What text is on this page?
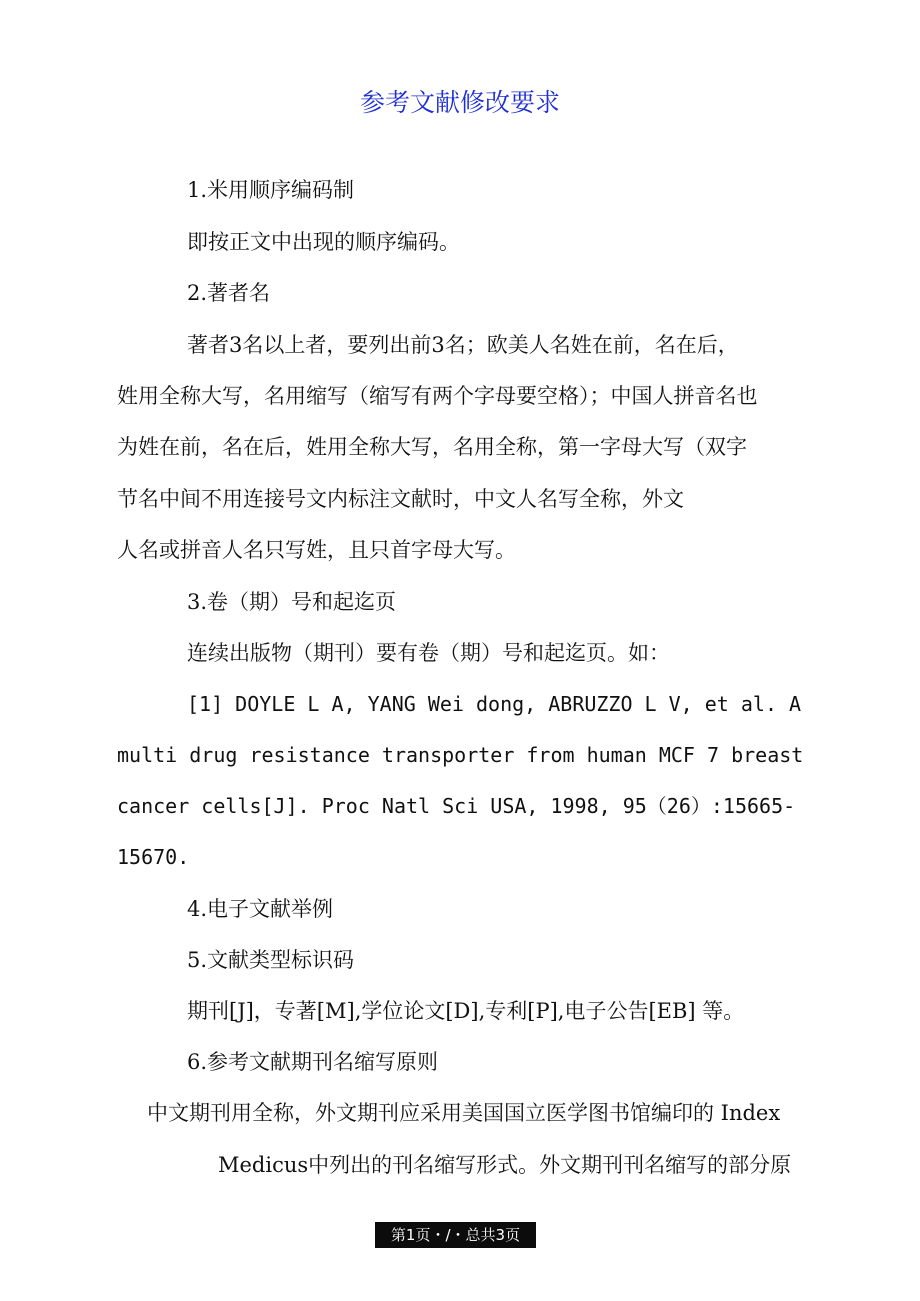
参考文献修改要求
1.米用顺序编码制
即按正文中出现的顺序编码。
2.著者名
著者3名以上者，要列出前3名；欧美人名姓在前，名在后，
姓用全称大写，名用缩写（缩写有两个字母要空格）；中国人拼音名也
为姓在前，名在后，姓用全称大写，名用全称，第一字母大写（双字
节名中间不用连接号文内标注文献时，中文人名写全称，外文
人名或拼音人名只写姓，且只首字母大写。
3.卷（期）号和起迄页
连续出版物（期刊）要有卷（期）号和起迄页。如：
[1] DOYLE L A, YANG Wei dong, ABRUZZO L V, et al. A
multi drug resistance transporter from human MCF 7 breast
cancer cells[J]. Proc Natl Sci USA, 1998, 95（26）:15665-
15670.
4.电子文献举例
5.文献类型标识码
期刊[J]，专著[M],学位论文[D],专利[P],电子公告[EB] 等。
6.参考文献期刊名缩写原则
中文期刊用全称，外文期刊应采用美国国立医学图书馆编印的 Index
Medicus中列出的刊名缩写形式。外文期刊刊名缩写的部分原
第1页・/・总共3页
